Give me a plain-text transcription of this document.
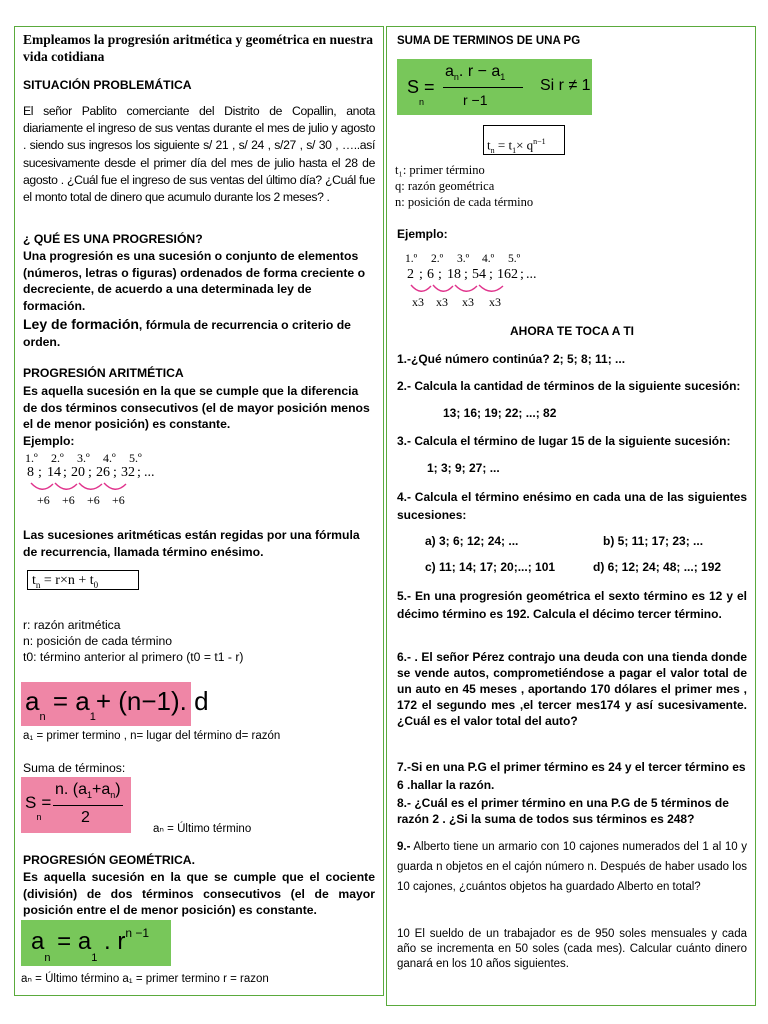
Empleamos la progresión aritmética y geométrica en nuestra vida cotidiana
SITUACIÓN PROBLEMÁTICA
El señor Pablito comerciante del Distrito de Copallin, anota diariamente el ingreso de sus ventas durante el mes de julio y agosto . siendo sus ingresos los siguiente s/ 21 , s/ 24 , s/27 , s/ 30 , …..así sucesivamente desde el primer día del mes de julio hasta el 28 de agosto . ¿Cuál fue el ingreso de sus ventas del último día? ¿Cuál fue el monto total de dinero que acumulo durante los 2 meses? .
¿ QUÉ ES UNA PROGRESIÓN?
Una progresión es una sucesión o conjunto de elementos (números, letras o figuras) ordenados de forma creciente o decreciente, de acuerdo a una determinada ley de formación.
Ley de formación, fórmula de recurrencia o criterio de orden.
PROGRESIÓN ARITMÉTICA
Es aquella sucesión en la que se cumple que la diferencia de dos términos consecutivos (el de mayor posición menos el de menor posición) es constante.
Ejemplo:
1.º 2.º 3.º 4.º 5.º
8 ; 14 ; 20 ; 26 ; 32 ; ...
+6 +6 +6 +6
Las sucesiones aritméticas están regidas por una fórmula de recurrencia, llamada término enésimo.
$t_n = r\times n + t_0$
r: razón aritmética
n: posición de cada término
t0: término anterior al primero (t0 = t1 - r)
$a_n = a_1+ (n-1)$. d
a₁ = primer termino , n= lugar del término d= razón
Suma de términos:
$S_n=$
n. $(a_1+a_n)$
2
aₙ = Último término
PROGRESIÓN GEOMÉTRICA.
Es aquella sucesión en la que se cumple que el cociente (división) de dos términos consecutivos (el de mayor posición entre el de menor posición) es constante.
$a_n = a_1$ . $r^{n -1}$
aₙ = Último término a₁ = primer termino r = razon
SUMA DE TERMINOS DE UNA PG
$S_n=$
$a_n$. $r - a_1$
r −1
Si r ≠ 1
$t_n = t_1\times q^{n-1}$
t₁: primer término
q: razón geométrica
n: posición de cada término
Ejemplo:
1.º 2.º 3.º 4.º 5.º
2 ; 6 ; 18 ; 54 ; 162 ; ...
x3 x3 x3 x3
AHORA TE TOCA A TI
1.-¿Qué número continúa? 2; 5; 8; 11; ...
2.- Calcula la cantidad de términos de la siguiente sucesión:
13; 16; 19; 22; ...; 82
3.- Calcula el término de lugar 15 de la siguiente sucesión:
1; 3; 9; 27; ...
4.- Calcula el término enésimo en cada una de las siguientes sucesiones:
a) 3; 6; 12; 24; ...	b) 5; 11; 17; 23; ...
c) 11; 14; 17; 20;...; 101	d) 6; 12; 24; 48; ...; 192
5.- En una progresión geométrica el sexto término es 12 y el décimo término es 192. Calcula el décimo tercer término.
6.- . El señor Pérez contrajo una deuda con una tienda donde se vende autos, comprometiéndose a pagar el valor total de un auto en 45 meses , aportando 170 dólares el primer mes , 172 el segundo mes ,el tercer mes174 y así sucesivamente. ¿Cuál es el valor total del auto?
7.-Si en una P.G el primer término es 24 y el tercer término es 6 .hallar la razón.
8.- ¿Cuál es el primer término en una P.G de 5 términos de razón 2 . ¿Si la suma de todos sus términos es 248?
9.- Alberto tiene un armario con 10 cajones numerados del 1 al 10 y guarda n objetos en el cajón número n. Después de haber usado los 10 cajones, ¿cuántos objetos ha guardado Alberto en total?
10 El sueldo de un trabajador es de 950 soles mensuales y cada año se incrementa en 50 soles (cada mes). Calcular cuánto dinero ganará en los 10 años siguientes.
